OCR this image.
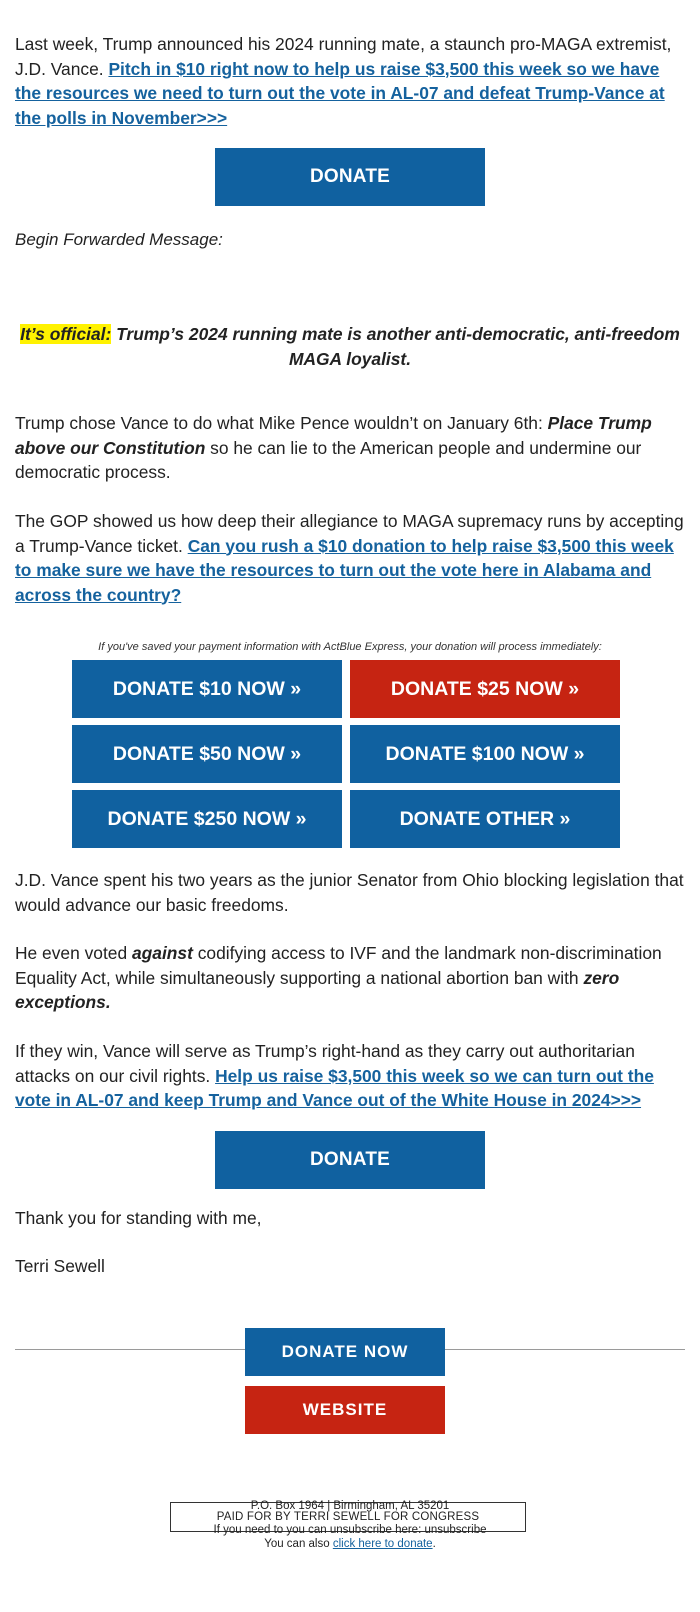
Last week, Trump announced his 2024 running mate, a staunch pro-MAGA extremist, J.D. Vance. Pitch in $10 right now to help us raise $3,500 this week so we have the resources we need to turn out the vote in AL-07 and defeat Trump-Vance at the polls in November>>>

DONATE
Begin Forwarded Message:
It’s official: Trump’s 2024 running mate is another anti-democratic, anti-freedom MAGA loyalist.

Trump chose Vance to do what Mike Pence wouldn’t on January 6th: Place Trump above our Constitution so he can lie to the American people and undermine our democratic process.

The GOP showed us how deep their allegiance to MAGA supremacy runs by accepting a Trump-Vance ticket. Can you rush a $10 donation to help raise $3,500 this week to make sure we have the resources to turn out the vote here in Alabama and across the country?

If you've saved your payment information with ActBlue Express, your donation will process immediately:
DONATE $10 NOW »	DONATE $25 NOW »
DONATE $50 NOW »	DONATE $100 NOW »
DONATE $250 NOW »	DONATE OTHER »

J.D. Vance spent his two years as the junior Senator from Ohio blocking legislation that would advance our basic freedoms.

He even voted against codifying access to IVF and the landmark non-discrimination Equality Act, while simultaneously supporting a national abortion ban with zero exceptions.

If they win, Vance will serve as Trump’s right-hand as they carry out authoritarian attacks on our civil rights. Help us raise $3,500 this week so we can turn out the vote in AL-07 and keep Trump and Vance out of the White House in 2024>>>

DONATE

Thank you for standing with me,

Terri Sewell

DONATE NOW
WEBSITE
PAID FOR BY TERRI SEWELL FOR CONGRESS
P.O. Box 1964 | Birmingham, AL 35201
If you need to you can unsubscribe here: unsubscribe
You can also click here to donate.
